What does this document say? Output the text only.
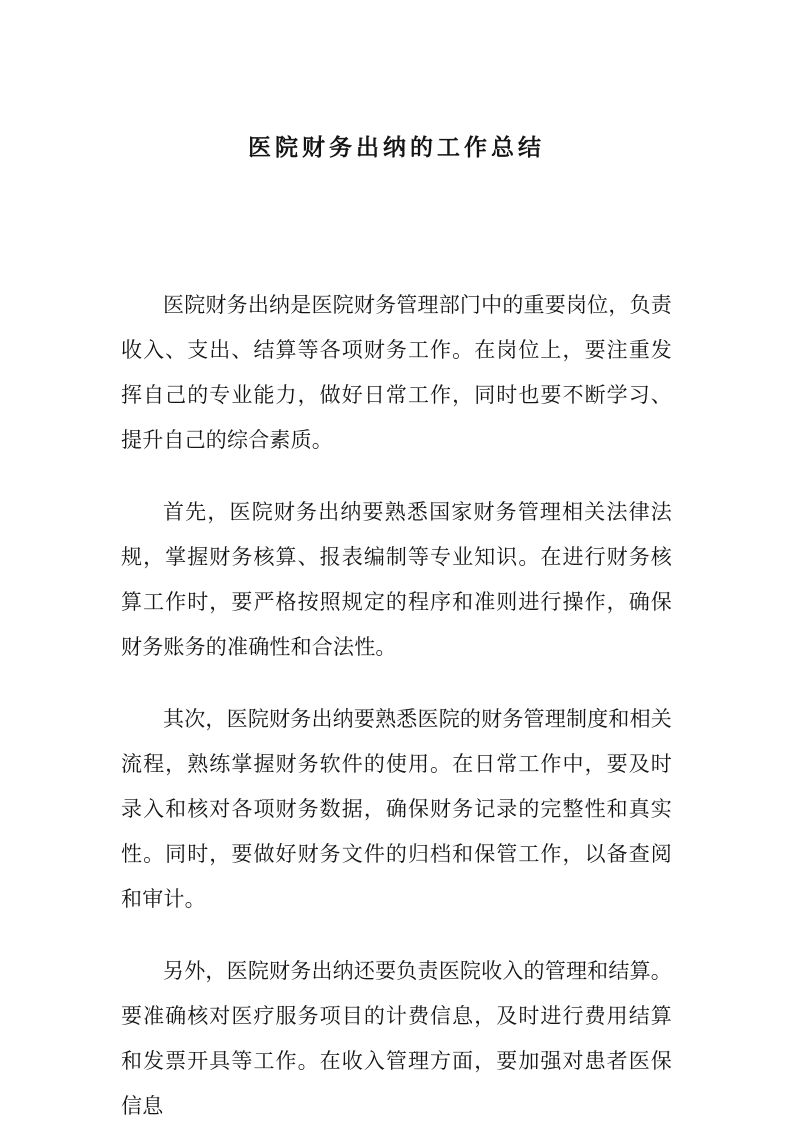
医院财务出纳的工作总结

医院财务出纳是医院财务管理部门中的重要岗位，负责收入、支出、结算等各项财务工作。在岗位上，要注重发挥自己的专业能力，做好日常工作，同时也要不断学习、提升自己的综合素质。

首先，医院财务出纳要熟悉国家财务管理相关法律法规，掌握财务核算、报表编制等专业知识。在进行财务核算工作时，要严格按照规定的程序和准则进行操作，确保财务账务的准确性和合法性。

其次，医院财务出纳要熟悉医院的财务管理制度和相关流程，熟练掌握财务软件的使用。在日常工作中，要及时录入和核对各项财务数据，确保财务记录的完整性和真实性。同时，要做好财务文件的归档和保管工作，以备查阅和审计。

另外，医院财务出纳还要负责医院收入的管理和结算。要准确核对医疗服务项目的计费信息，及时进行费用结算和发票开具等工作。在收入管理方面，要加强对患者医保信息
